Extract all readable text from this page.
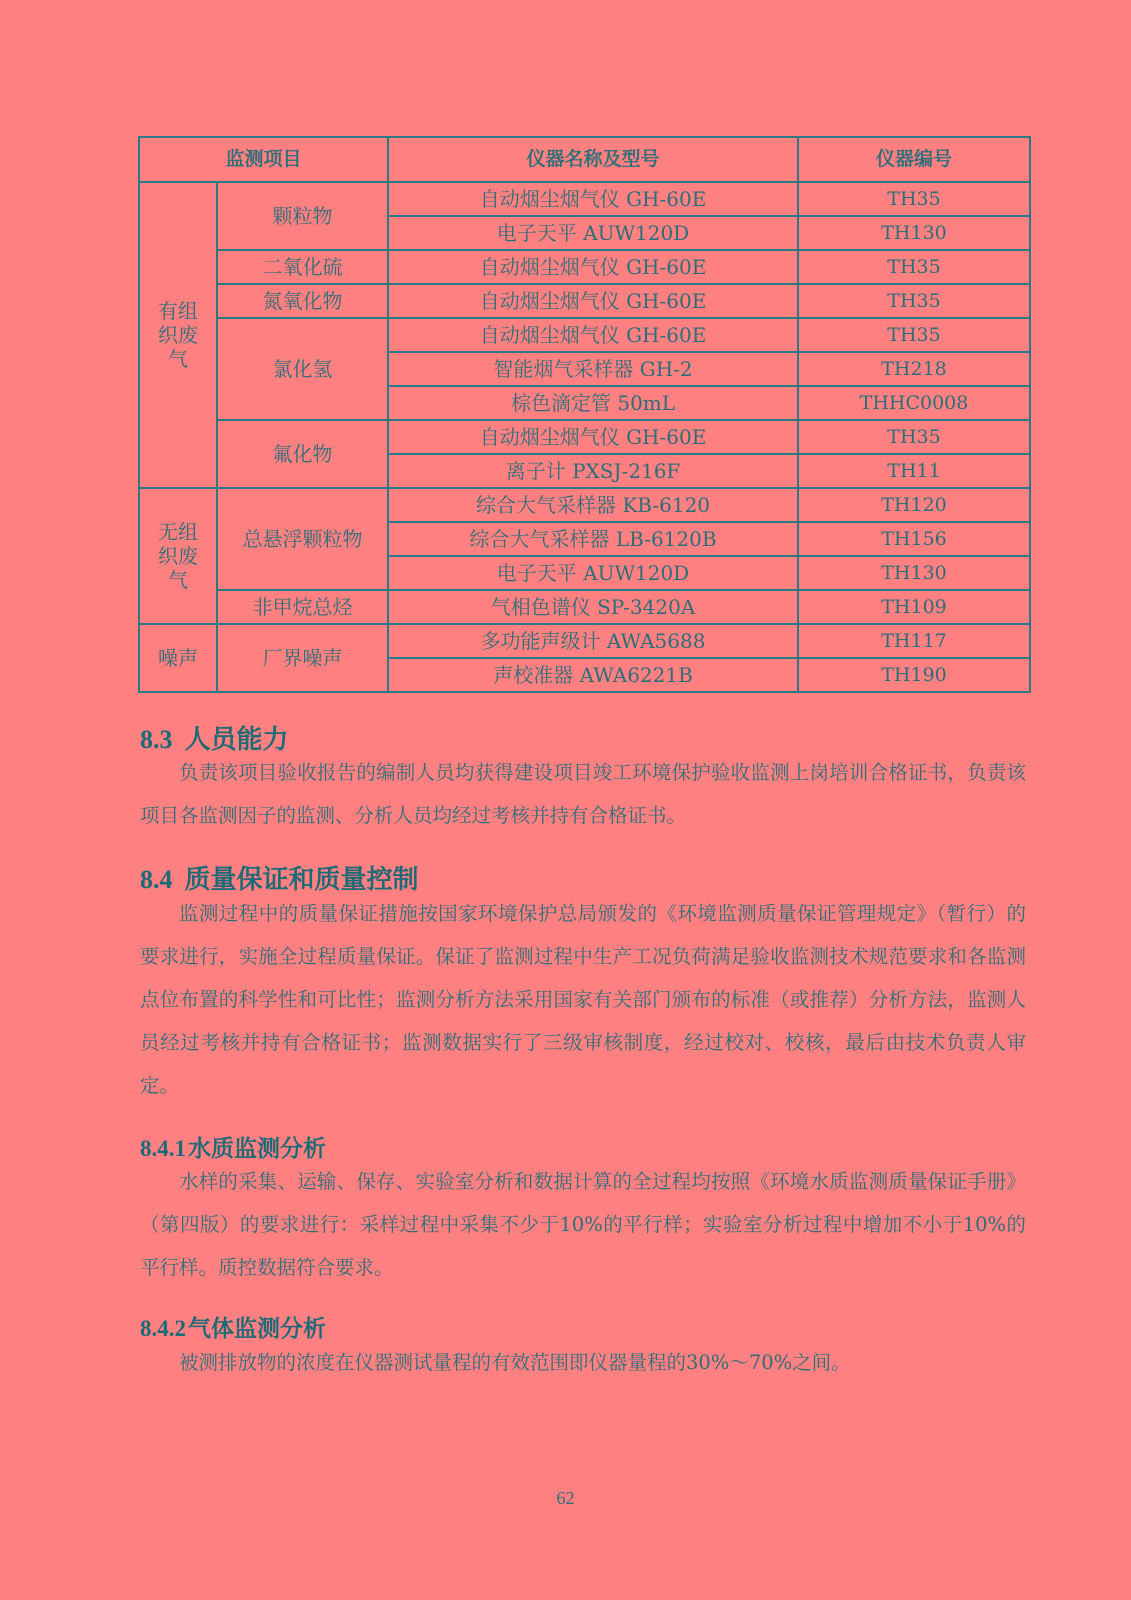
监测项目		仪器名称及型号	仪器编号

有组织废气	颗粒物	自动烟尘烟气仪 GH-60E	TH35
		电子天平 AUW120D	TH130
	二氧化硫	自动烟尘烟气仪 GH-60E	TH35
	氮氧化物	自动烟尘烟气仪 GH-60E	TH35
	氯化氢	自动烟尘烟气仪 GH-60E	TH35
		智能烟气采样器 GH-2	TH218
		棕色滴定管 50mL	THHC0008
	氟化物	自动烟尘烟气仪 GH-60E	TH35
		离子计 PXSJ-216F	TH11

无组织废气	总悬浮颗粒物	综合大气采样器 KB-6120	TH120
		综合大气采样器 LB-6120B	TH156
		电子天平 AUW120D	TH130
	非甲烷总烃	气相色谱仪 SP-3420A	TH109
噪声	厂界噪声	多功能声级计 AWA5688	TH117
		声校准器 AWA6221B	TH190
8.3 人员能力

负责该项目验收报告的编制人员均获得建设项目竣工环境保护验收监测上岗培训合格证书，负责该项目各监测因子的监测、分析人员均经过考核并持有合格证书。

8.4 质量保证和质量控制

监测过程中的质量保证措施按国家环境保护总局颁发的《环境监测质量保证管理规定》（暂行）的要求进行，实施全过程质量保证。保证了监测过程中生产工况负荷满足验收监测技术规范要求和各监测点位布置的科学性和可比性；监测分析方法采用国家有关部门颁布的标准（或推荐）分析方法，监测人员经过考核并持有合格证书；监测数据实行了三级审核制度，经过校对、校核，最后由技术负责人审定。

8.4.1水质监测分析

水样的采集、运输、保存、实验室分析和数据计算的全过程均按照《环境水质监测质量保证手册》（第四版）的要求进行：采样过程中采集不少于10%的平行样；实验室分析过程中增加不小于10%的平行样。质控数据符合要求。

8.4.2气体监测分析

被测排放物的浓度在仪器测试量程的有效范围即仪器量程的30%～70%之间。

62
